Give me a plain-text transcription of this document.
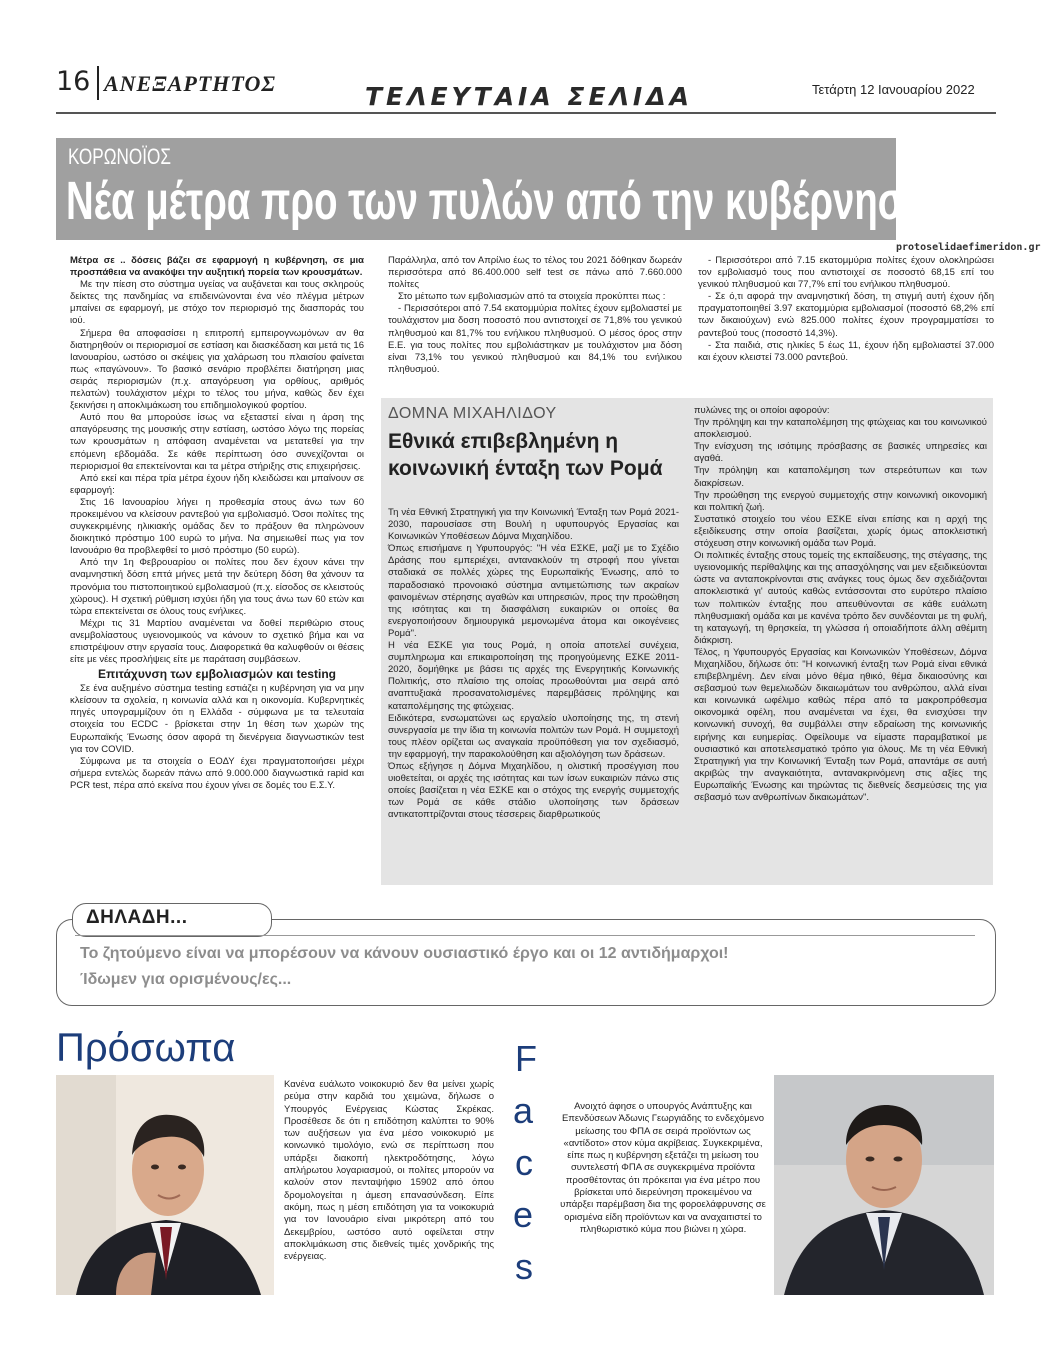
16 ΑΝΕΞΑΡΤΗΤΟΣ	ΤΕΛΕΥΤΑΙΑ ΣΕΛΙΔΑ	Τετάρτη 12 Ιανουαρίου 2022
ΚΟΡΩΝΟΪΟΣ
Νέα μέτρα προ των πυλών από την κυβέρνηση;
protoselidaefimeridon.gr

Μέτρα σε .. δόσεις βάζει σε εφαρμογή η κυβέρνηση, σε μια προσπάθεια να ανακόψει την αυξητική πορεία των κρουσμάτων.

Με την πίεση στο σύστημα υγείας να αυξάνεται και τους σκληρούς δείκτες της πανδημίας να επιδεινώνονται ένα νέο πλέγμα μέτρων μπαίνει σε εφαρμογή, με στόχο τον περιορισμό της διασποράς του ιού.

Σήμερα θα αποφασίσει η επιτροπή εμπειρογνωμόνων αν θα διατηρηθούν οι περιορισμοί σε εστίαση και διασκέδαση και μετά τις 16 Ιανουαρίου, ωστόσο οι σκέψεις για χαλάρωση του πλαισίου φαίνεται πως «παγώνουν». Το βασικό σενάριο προβλέπει διατήρηση μιας σειράς περιορισμών (π.χ. απαγόρευση για ορθίους, αριθμός πελατών) τουλάχιστον μέχρι το τέλος του μήνα, καθώς δεν έχει ξεκινήσει η αποκλιμάκωση του επιδημιολογικού φορτίου.

Αυτό που θα μπορούσε ίσως να εξεταστεί είναι η άρση της απαγόρευσης της μουσικής στην εστίαση, ωστόσο λόγω της πορείας των κρουσμάτων η απόφαση αναμένεται να μετατεθεί για την επόμενη εβδομάδα. Σε κάθε περίπτωση όσο συνεχίζονται οι περιορισμοί θα επεκτείνονται και τα μέτρα στήριξης στις επιχειρήσεις.

Από εκεί και πέρα τρία μέτρα έχουν ήδη κλειδώσει και μπαίνουν σε εφαρμογή:

Στις 16 Ιανουαρίου λήγει η προθεσμία στους άνω των 60 προκειμένου να κλείσουν ραντεβού για εμβολιασμό. Όσοι πολίτες της συγκεκριμένης ηλικιακής ομάδας δεν το πράξουν θα πληρώνουν διοικητικό πρόστιμο 100 ευρώ το μήνα. Να σημειωθεί πως για τον Ιανουάριο θα προβλεφθεί το μισό πρόστιμο (50 ευρώ).

Από την 1η Φεβρουαρίου οι πολίτες που δεν έχουν κάνει την αναμνηστική δόση επτά μήνες μετά την δεύτερη δόση θα χάνουν τα προνόμια του πιστοποιητικού εμβολιασμού (π.χ. είσοδος σε κλειστούς χώρους). Η σχετική ρύθμιση ισχύει ήδη για τους άνω των 60 ετών και τώρα επεκτείνεται σε όλους τους ενήλικες.

Μέχρι τις 31 Μαρτίου αναμένεται να δοθεί περιθώριο στους ανεμβολίαστους υγειονομικούς να κάνουν το σχετικό βήμα και να επιστρέψουν στην εργασία τους. Διαφορετικά θα καλυφθούν οι θέσεις είτε με νέες προσλήψεις είτε με παράταση συμβάσεων.

Επιτάχυνση των εμβολιασμών και testing

Σε ένα αυξημένο σύστημα testing εστιάζει η κυβέρνηση για να μην κλείσουν τα σχολεία, η κοινωνία αλλά και η οικονομία. Κυβερνητικές πηγές υπογραμμίζουν ότι η Ελλάδα - σύμφωνα με τα τελευταία στοιχεία του ECDC - βρίσκεται στην 1η θέση των χωρών της Ευρωπαϊκής Ένωσης όσον αφορά τη διενέργεια διαγνωστικών test για τον COVID.

Σύμφωνα με τα στοιχεία ο ΕΟΔΥ έχει πραγματοποιήσει μέχρι σήμερα εντελώς δωρεάν πάνω από 9.000.000 διαγνωστικά rapid και PCR test, πέρα από εκείνα που έχουν γίνει σε δομές του Ε.Σ.Υ.

Παράλληλα, από τον Απρίλιο έως το τέλος του 2021 δόθηκαν δωρεάν περισσότερα από 86.400.000 self test σε πάνω από 7.660.000 πολίτες

Στο μέτωπο των εμβολιασμών από τα στοιχεία προκύπτει πως :

- Περισσότεροι από 7.54 εκατομμύρια πολίτες έχουν εμβολιαστεί με τουλάχιστον μια δοση ποσοστό που αντιστοιχεί σε 71,8% του γενικού πληθυσμού και 81,7% του ενήλικου πληθυσμού. Ο μέσος όρος στην Ε.Ε. για τους πολίτες που εμβολιάστηκαν με τουλάχιστον μια δόση είναι 73,1% του γενικού πληθυσμού και 84,1% του ενήλικου πληθυσμού.

- Περισσότεροι από 7.15 εκατομμύρια πολίτες έχουν ολοκληρώσει τον εμβολιασμό τους που αντιστοιχεί σε ποσοστό 68,15 επί του γενικού πληθυσμού και 77,7% επί του ενήλικου πληθυσμού.

- Σε ό,τι αφορά την αναμνηστική δόση, τη στιγμή αυτή έχουν ήδη πραγματοποιηθεί 3.97 εκατομμύρια εμβολιασμοί (ποσοστό 68,2% επί των δικαιούχων) ενώ 825.000 πολίτες έχουν προγραμματίσει το ραντεβού τους (ποσοστό 14,3%).

- Στα παιδιά, στις ηλικίες 5 έως 11, έχουν ήδη εμβολιαστεί 37.000 και έχουν κλειστεί 73.000 ραντεβού.

ΔΟΜΝΑ ΜΙΧΑΗΛΙΔΟΥ
Εθνικά επιβεβλημένη η κοινωνική ένταξη των Ρομά

Τη νέα Εθνική Στρατηγική για την Κοινωνική Ένταξη των Ρομά 2021-2030, παρουσίασε στη Βουλή η υφυπουργός Εργασίας και Κοινωνικών Υποθέσεων Δόμνα Μιχαηλίδου.

Όπως επισήμανε η Υφυπουργός: "Η νέα ΕΣΚΕ, μαζί με το Σχέδιο Δράσης που εμπεριέχει, αντανακλούν τη στροφή που γίνεται σταδιακά σε πολλές χώρες της Ευρωπαϊκής Ένωσης, από το παραδοσιακό προνοιακό σύστημα αντιμετώπισης των ακραίων φαινομένων στέρησης αγαθών και υπηρεσιών, προς την προώθηση της ισότητας και τη διασφάλιση ευκαιριών οι οποίες θα ενεργοποιήσουν δημιουργικά μεμονωμένα άτομα και οικογένειες Ρομά".

Η νέα ΕΣΚΕ για τους Ρομά, η οποία αποτελεί συνέχεια, συμπληρωμα και επικαιροποίηση της προηγούμενης ΕΣΚΕ 2011-2020, δομήθηκε με βάσει τις αρχές της Ενεργητικής Κοινωνικής Πολιτικής, στο πλαίσιο της οποίας προωθούνται μια σειρά από αναπτυξιακά προσανατολισμένες παρεμβάσεις πρόληψης και καταπολέμησης της φτώχειας.

Ειδικότερα, ενσωματώνει ως εργαλείο υλοποίησης της, τη στενή συνεργασία με την ίδια τη κοινωνία πολιτών των Ρομά. Η συμμετοχή τους πλέον ορίζεται ως αναγκαία προϋπόθεση για τον σχεδιασμό, την εφαρμογή, την παρακολούθηση και αξιολόγηση των δράσεων.

Όπως εξήγησε η Δόμνα Μιχαηλίδου, η ολιστική προσέγγιση που υιοθετείται, οι αρχές της ισότητας και των ίσων ευκαιριών πάνω στις οποίες βασίζεται η νέα ΕΣΚΕ και ο στόχος της ενεργής συμμετοχής των Ρομά σε κάθε στάδιο υλοποίησης των δράσεων αντικατοπτρίζονται στους τέσσερεις διαρθρωτικούς

πυλώνες της οι οποίοι αφορούν:

Την πρόληψη και την καταπολέμηση της φτώχειας και του κοινωνικού αποκλεισμού.

Την ενίσχυση της ισότιμης πρόσβασης σε βασικές υπηρεσίες και αγαθά.

Την πρόληψη και καταπολέμηση των στερεότυπων και των διακρίσεων.

Την προώθηση της ενεργού συμμετοχής στην κοινωνική οικονομική και πολιτική ζωή.

Συστατικό στοιχείο του νέου ΕΣΚΕ είναι επίσης και η αρχή της εξειδίκευσης στην οποία βασίζεται, χωρίς όμως αποκλειστική στόχευση στην κοινωνική ομάδα των Ρομά.

Οι πολιτικές ένταξης στους τομείς της εκπαίδευσης, της στέγασης, της υγειονομικής περίθαλψης και της απασχόλησης ναι μεν εξειδικεύονται ώστε να ανταποκρίνονται στις ανάγκες τους όμως δεν σχεδιάζονται αποκλειστικά γι' αυτούς καθώς εντάσσονται στο ευρύτερο πλαίσιο των πολιτικών ένταξης που απευθύνονται σε κάθε ευάλωτη πληθυσμιακή ομάδα και με κανένα τρόπο δεν συνδέονται με τη φυλή, τη καταγωγή, τη θρησκεία, τη γλώσσα ή οποιαδήποτε άλλη αθέμιτη διάκριση.

Τέλος, η Υφυπουργός Εργασίας και Κοινωνικών Υποθέσεων, Δόμνα Μιχαηλίδου, δήλωσε ότι: "Η κοινωνική ένταξη των Ρομά είναι εθνικά επιβεβλημένη. Δεν είναι μόνο θέμα ηθικό, θέμα δικαιοσύνης και σεβασμού των θεμελιωδών δικαιωμάτων του ανθρώπου, αλλά είναι και κοινωνικά ωφέλιμο καθώς πέρα από τα μακροπρόθεσμα οικονομικά οφέλη, που αναμένεται να έχει, θα ενισχύσει την κοινωνική συνοχή, θα συμβάλλει στην εδραίωση της κοινωνικής ειρήνης και ευημερίας. Οφείλουμε να είμαστε παραμβατικοί με ουσιαστικό και αποτελεσματικό τρόπο για όλους. Με τη νέα Εθνική Στρατηγική για την Κοινωνική Ένταξη των Ρομά, απαντάμε σε αυτή ακριβώς την αναγκαιότητα, αντανακρινόμενη στις αξίες της Ευρωπαϊκής Ένωσης και τηρώντας τις διεθνείς δεσμεύσεις της για σεβασμό των ανθρωπίνων δικαιωμάτων".

ΔΗΛΑΔΗ...
Το ζητούμενο είναι να μπορέσουν να κάνουν ουσιαστικό έργο και οι 12 αντιδήμαρχοι!
Ίδωμεν για ορισμένους/ες...
Πρόσωπα	F
a
c
e
s
Κανένα ευάλωτο νοικοκυριό δεν θα μείνει χωρίς ρεύμα στην καρδιά του χειμώνα, δήλωσε ο Υπουργός Ενέργειας Κώστας Σκρέκας. Προσέθεσε δε ότι η επιδότηση καλύπτει το 90% των αυξήσεων για ένα μέσο νοικοκυριό με κοινωνικό τιμολόγιο, ενώ σε περίπτωση που υπάρξει διακοπή ηλεκτροδότησης, λόγω απλήρωτου λογαριασμού, οι πολίτες μπορούν να καλούν στον πενταψήφιο 15902 από όπου δρομολογείται η άμεση επανασύνδεση. Είπε ακόμη, πως η μέση επιδότηση για τα νοικοκυριά για τον Ιανουάριο είναι μικρότερη από του Δεκεμβρίου, ωστόσο αυτό οφείλεται στην αποκλιμάκωση στις διεθνείς τιμές χονδρικής της ενέργειας.
Ανοιχτό άφησε ο υπουργός Ανάπτυξης και Επενδύσεων Άδωνις Γεωργιάδης το ενδεχόμενο μείωσης του ΦΠΑ σε σειρά προϊόντων ως «αντίδοτο» στον κύμα ακρίβειας. Συγκεκριμένα, είπε πως η κυβέρνηση εξετάζει τη μείωση του συντελεστή ΦΠΑ σε συγκεκριμένα προϊόντα προσθέτοντας ότι πρόκειται για ένα μέτρο που βρίσκεται υπό διερεύνηση προκειμένου να υπάρξει παρέμβαση δια της φοροελάφρυνσης σε ορισμένα είδη προϊόντων και να αναχαιτιστεί το πληθωριστικό κύμα που βιώνει η χώρα.
